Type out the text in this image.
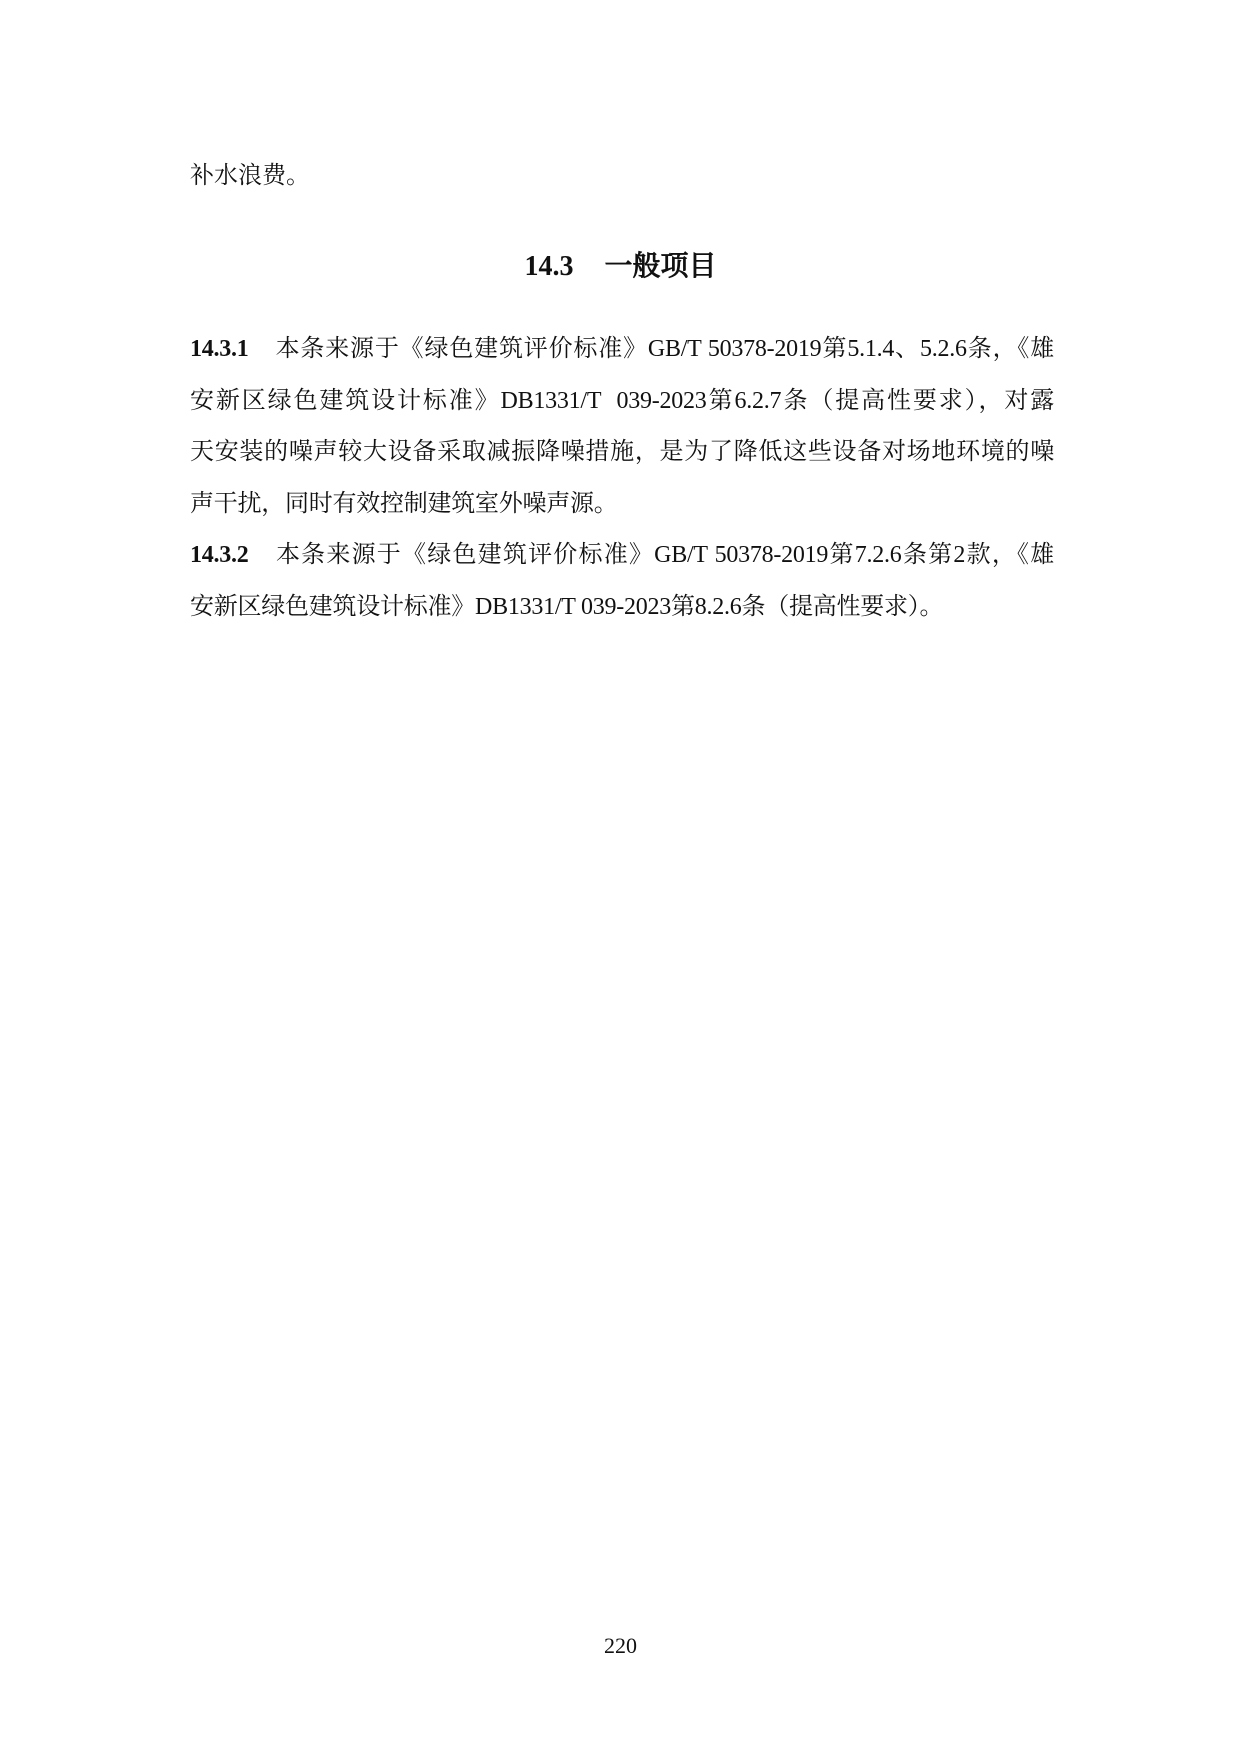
补水浪费。
14.3 一般项目
14.3.1 本条来源于《绿色建筑评价标准》GB/T 50378-2019第5.1.4、5.2.6条，《雄
安新区绿色建筑设计标准》DB1331/T  039-2023第6.2.7条（提高性要求），对露
天安装的噪声较大设备采取减振降噪措施，是为了降低这些设备对场地环境的噪
声干扰，同时有效控制建筑室外噪声源。
14.3.2 本条来源于《绿色建筑评价标准》GB/T 50378-2019第7.2.6条第2款，《雄
安新区绿色建筑设计标准》DB1331/T 039-2023第8.2.6条（提高性要求）。
220
